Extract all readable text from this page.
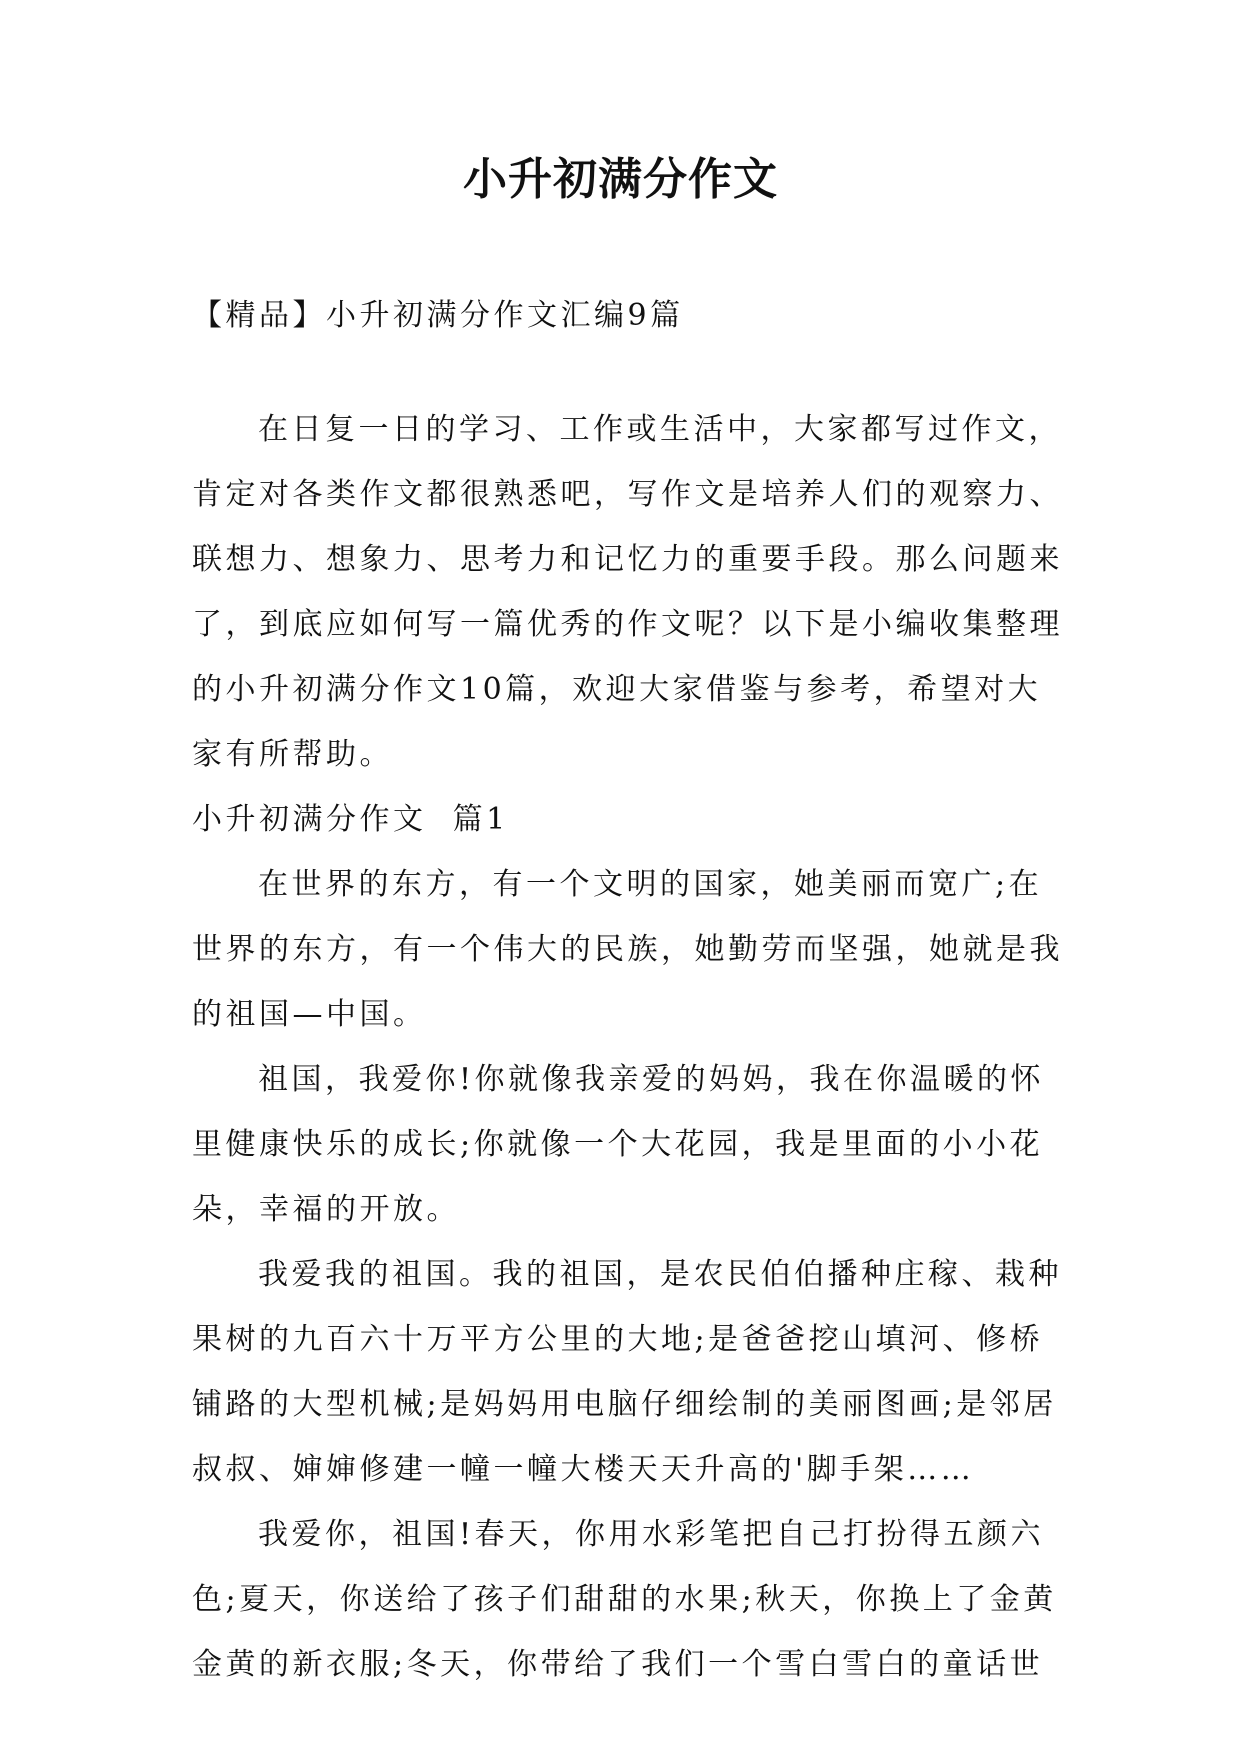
小升初满分作文

【精品】小升初满分作文汇编9篇

在日复一日的学习、工作或生活中，大家都写过作文，肯定对各类作文都很熟悉吧，写作文是培养人们的观察力、联想力、想象力、思考力和记忆力的重要手段。那么问题来了，到底应如何写一篇优秀的作文呢？以下是小编收集整理的小升初满分作文10篇，欢迎大家借鉴与参考，希望对大家有所帮助。

小升初满分作文  篇1

在世界的东方，有一个文明的国家，她美丽而宽广;在世界的东方，有一个伟大的民族，她勤劳而坚强，她就是我的祖国—中国。

祖国，我爱你!你就像我亲爱的妈妈，我在你温暖的怀里健康快乐的成长;你就像一个大花园，我是里面的小小花朵，幸福的开放。

我爱我的祖国。我的祖国，是农民伯伯播种庄稼、栽种果树的九百六十万平方公里的大地;是爸爸挖山填河、修桥铺路的大型机械;是妈妈用电脑仔细绘制的美丽图画;是邻居叔叔、婶婶修建一幢一幢大楼天天升高的'脚手架……

我爱你，祖国!春天，你用水彩笔把自己打扮得五颜六色;夏天，你送给了孩子们甜甜的水果;秋天，你换上了金黄金黄的新衣服;冬天，你带给了我们一个雪白雪白的童话世
